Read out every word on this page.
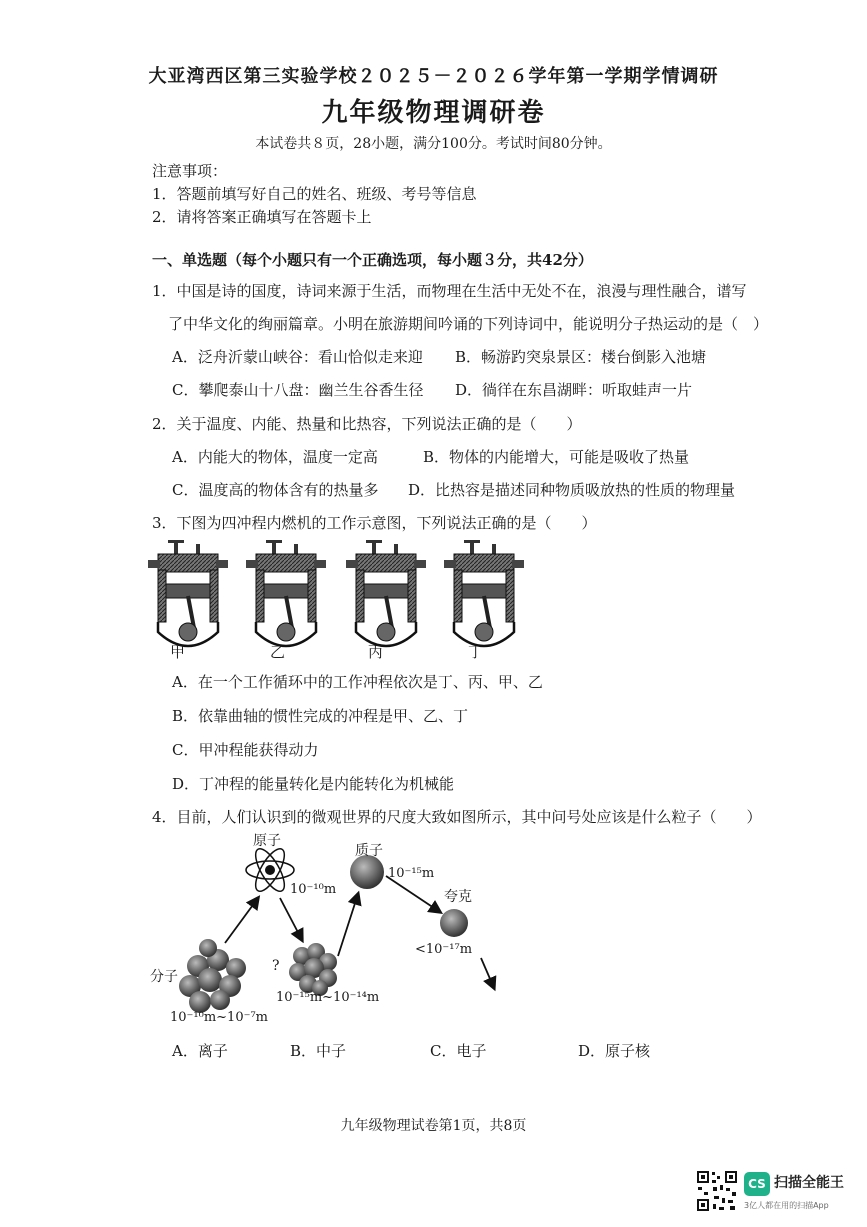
大亚湾西区第三实验学校２０２５－２０２６学年第一学期学情调研
九年级物理调研卷
本试卷共８页，28小题，满分100分。考试时间80分钟。
注意事项：
1．答题前填写好自己的姓名、班级、考号等信息
2．请将答案正确填写在答题卡上
一、单选题（每个小题只有一个正确选项，每小题３分，共42分）
1．中国是诗的国度，诗词来源于生活，而物理在生活中无处不在，浪漫与理性融合，谱写
了中华文化的绚丽篇章。小明在旅游期间吟诵的下列诗词中，能说明分子热运动的是（　）
A．泛舟沂蒙山峡谷：看山恰似走来迎 B．畅游趵突泉景区：楼台倒影入池塘
C．攀爬泰山十八盘：幽兰生谷香生径 D．徜徉在东昌湖畔：听取蛙声一片
2．关于温度、内能、热量和比热容，下列说法正确的是（　　）
A．内能大的物体，温度一定高	B．物体的内能增大，可能是吸收了热量
C．温度高的物体含有的热量多 D．比热容是描述同种物质吸放热的性质的物理量
3．下图为四冲程内燃机的工作示意图，下列说法正确的是（　　）
甲	乙	丙	丁
A．在一个工作循环中的工作冲程依次是丁、丙、甲、乙
B．依靠曲轴的惯性完成的冲程是甲、乙、丁
C．甲冲程能获得动力
D．丁冲程的能量转化是内能转化为机械能
4．目前，人们认识到的微观世界的尺度大致如图所示，其中问号处应该是什么粒子（　　）
原子
10⁻¹⁰m
质子
10⁻¹⁵m
夸克
<10⁻¹⁷m
分子
10⁻¹⁰m~10⁻⁷m
?
10⁻¹⁵m~10⁻¹⁴m
A．离子	B．中子	C．电子	D．原子核
九年级物理试卷第1页，共8页
CS 扫描全能王
3亿人都在用的扫描App
